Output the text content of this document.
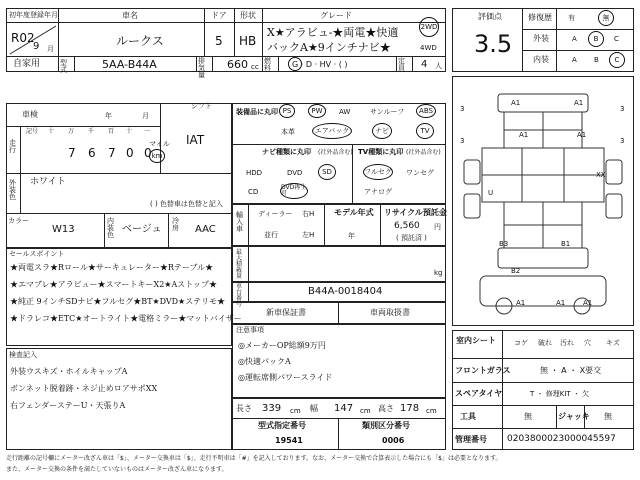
初年度登録年月	車名	ドア 形状	グレード
R02
9 月
ルークス	5 HB
X★アラビュ-★両電★快適
バックA★9インチナビ★
2WD
4WD
自家用	型式	5AA-B44A	排気量
660 cc
燃料	G · D · HV · ( )	定員	4 人
シフト
車検	年	月
IAT
走行
記号 十 万 千 百 十 一
7 6 7 0 0
マイル
km
外装色
ホワイト
( ) 色替車は色替と記入
カラー
W13
内装色 ベージュ
冷房	AAC
装備品に丸印 PS	PW AW	サンルーフ ABS
本革	エアバック	ナビ	TV
ナビ種類に丸印 (社外品含む) TV種類に丸印 (社外品含む)
HDD	DVD	SD
CD
DVD再生可
フルセグ ワンセグ
アナログ
輸入車
ディーラー
並行
右H
左H
モデル年式
年
リサイクル預託金
6,560 円
( 預託済 )
最大積載量	kg
車台番号
B44A-0018404
新車保証書	車両取扱書
セールスポイント
★両電スラ★Rロール★サーキュレーター★Rテーブル★
★エマブレ★アラビュー★スマートキーX2★Aストップ★
★純正 9インチSDナビ★フルセグ★BT★DVD★ステリモ★
★ドラレコ★ETC★オートライト★電格ミラー★マットバイザー
注意事項
◎メーカーOP総額9万円
◎快適パックA
◎運転席側パワースライド
検査記入
外装ウスキズ・ホイルキャップA
ボンネット脱着跡・ネジ止めロアサポXX
右フェンダーステーU・天張りA	長さ 339 cm 幅 147 cm 高さ 178 cm
型式指定番号
19541
類別区分番号
0006
評価点
3.5
修復歴 有	無
外装	A B C
内装	A B C
3
3
3
3
A1	A1
A1	A1
XX
U
B3	B1
B2
A1	A1	A1
室内シート	コゲ 破れ 汚れ 穴 キズ
フロントガラス	無 ・ A ・ X要交
スペアタイヤ	T ・ 修理KIT ・ 欠
工具	無	ジャッキ 無
管理番号 0203800023000045597
走行距離の記号欄にメーター改ざん車は「$」、メーター交換車は「$」、走行不明車は「#」を記入しております。なお、メーター交換で合算表示した場合にも「$」は必要となります。
また、メーター交換の条件を満たしていないものはメーター改ざん車になります。
